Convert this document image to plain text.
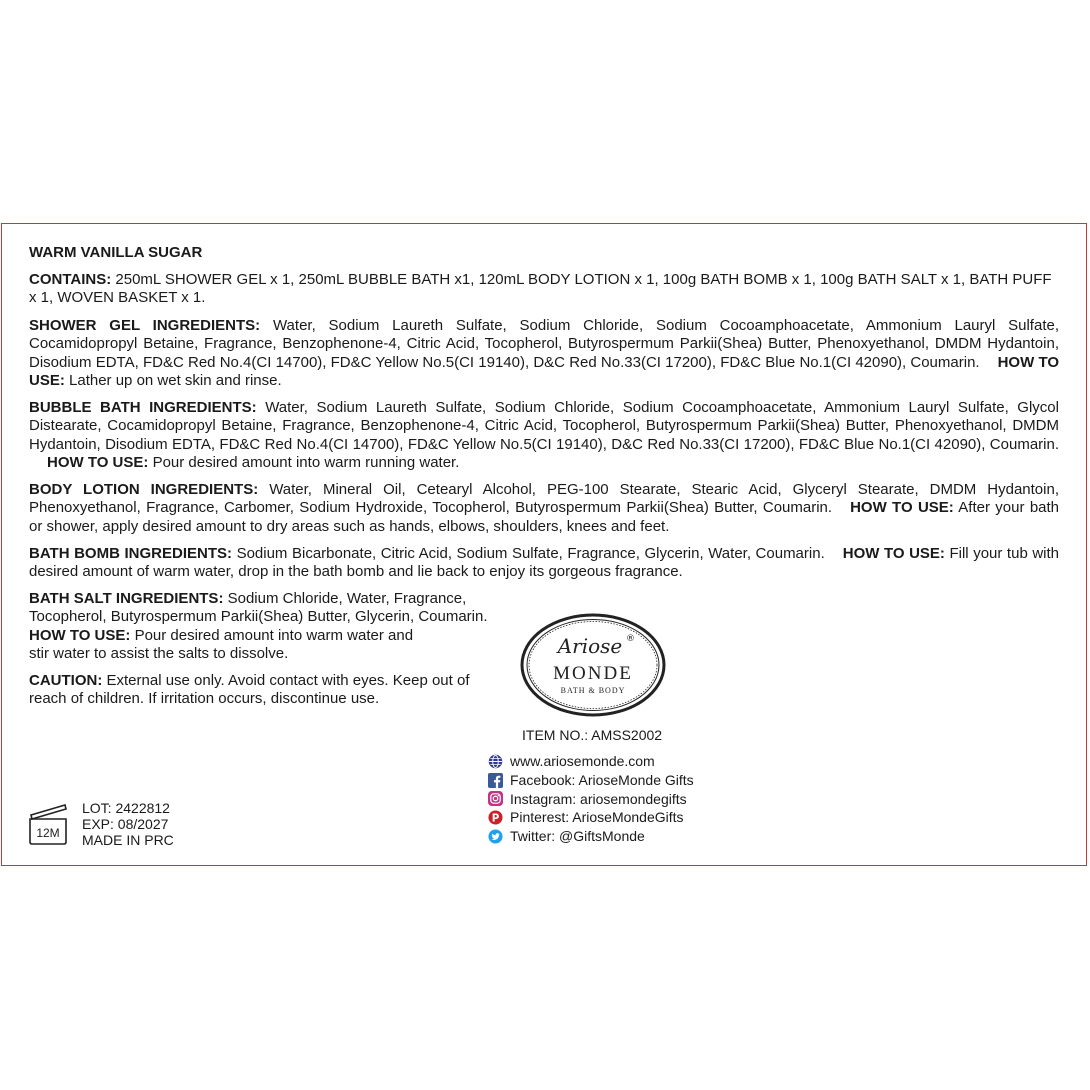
WARM VANILLA SUGAR
CONTAINS: 250mL SHOWER GEL x 1, 250mL BUBBLE BATH x1, 120mL BODY LOTION x 1, 100g BATH BOMB x 1, 100g BATH SALT x 1, BATH PUFF x 1, WOVEN BASKET x 1.
SHOWER GEL INGREDIENTS: Water, Sodium Laureth Sulfate, Sodium Chloride, Sodium Cocoamphoacetate, Ammonium Lauryl Sulfate, Cocamidopropyl Betaine, Fragrance, Benzophenone-4, Citric Acid, Tocopherol, Butyrospermum Parkii(Shea) Butter, Phenoxyethanol, DMDM Hydantoin, Disodium EDTA, FD&C Red No.4(CI 14700), FD&C Yellow No.5(CI 19140), D&C Red No.33(CI 17200), FD&C Blue No.1(CI 42090), Coumarin. HOW TO USE: Lather up on wet skin and rinse.
BUBBLE BATH INGREDIENTS: Water, Sodium Laureth Sulfate, Sodium Chloride, Sodium Cocoamphoacetate, Ammonium Lauryl Sulfate, Glycol Distearate, Cocamidopropyl Betaine, Fragrance, Benzophenone-4, Citric Acid, Tocopherol, Butyrospermum Parkii(Shea) Butter, Phenoxyethanol, DMDM Hydantoin, Disodium EDTA, FD&C Red No.4(CI 14700), FD&C Yellow No.5(CI 19140), D&C Red No.33(CI 17200), FD&C Blue No.1(CI 42090), Coumarin.HOW TO USE: Pour desired amount into warm running water.
BODY LOTION INGREDIENTS: Water, Mineral Oil, Cetearyl Alcohol, PEG-100 Stearate, Stearic Acid, Glyceryl Stearate, DMDM Hydantoin, Phenoxyethanol, Fragrance, Carbomer, Sodium Hydroxide, Tocopherol, Butyrospermum Parkii(Shea) Butter, Coumarin. HOW TO USE: After your bath or shower, apply desired amount to dry areas such as hands, elbows, shoulders, knees and feet.
BATH BOMB INGREDIENTS: Sodium Bicarbonate, Citric Acid, Sodium Sulfate, Fragrance, Glycerin, Water, Coumarin. HOW TO USE: Fill your tub with desired amount of warm water, drop in the bath bomb and lie back to enjoy its gorgeous fragrance.
BATH SALT INGREDIENTS: Sodium Chloride, Water, Fragrance,
Tocopherol, Butyrospermum Parkii(Shea) Butter, Glycerin, Coumarin.
HOW TO USE: Pour desired amount into warm water and
stir water to assist the salts to dissolve.
CAUTION: External use only. Avoid contact with eyes. Keep out of
reach of children. If irritation occurs, discontinue use.
Ariose ®
MONDE
BATH & BODY
ITEM NO.: AMSS2002
www.ariosemonde.com
Facebook: ArioseMonde Gifts
Instagram: ariosemondegifts
P Pinterest: ArioseMondeGifts
Twitter: @GiftsMonde
12M
LOT: 2422812
EXP: 08/2027
MADE IN PRC
